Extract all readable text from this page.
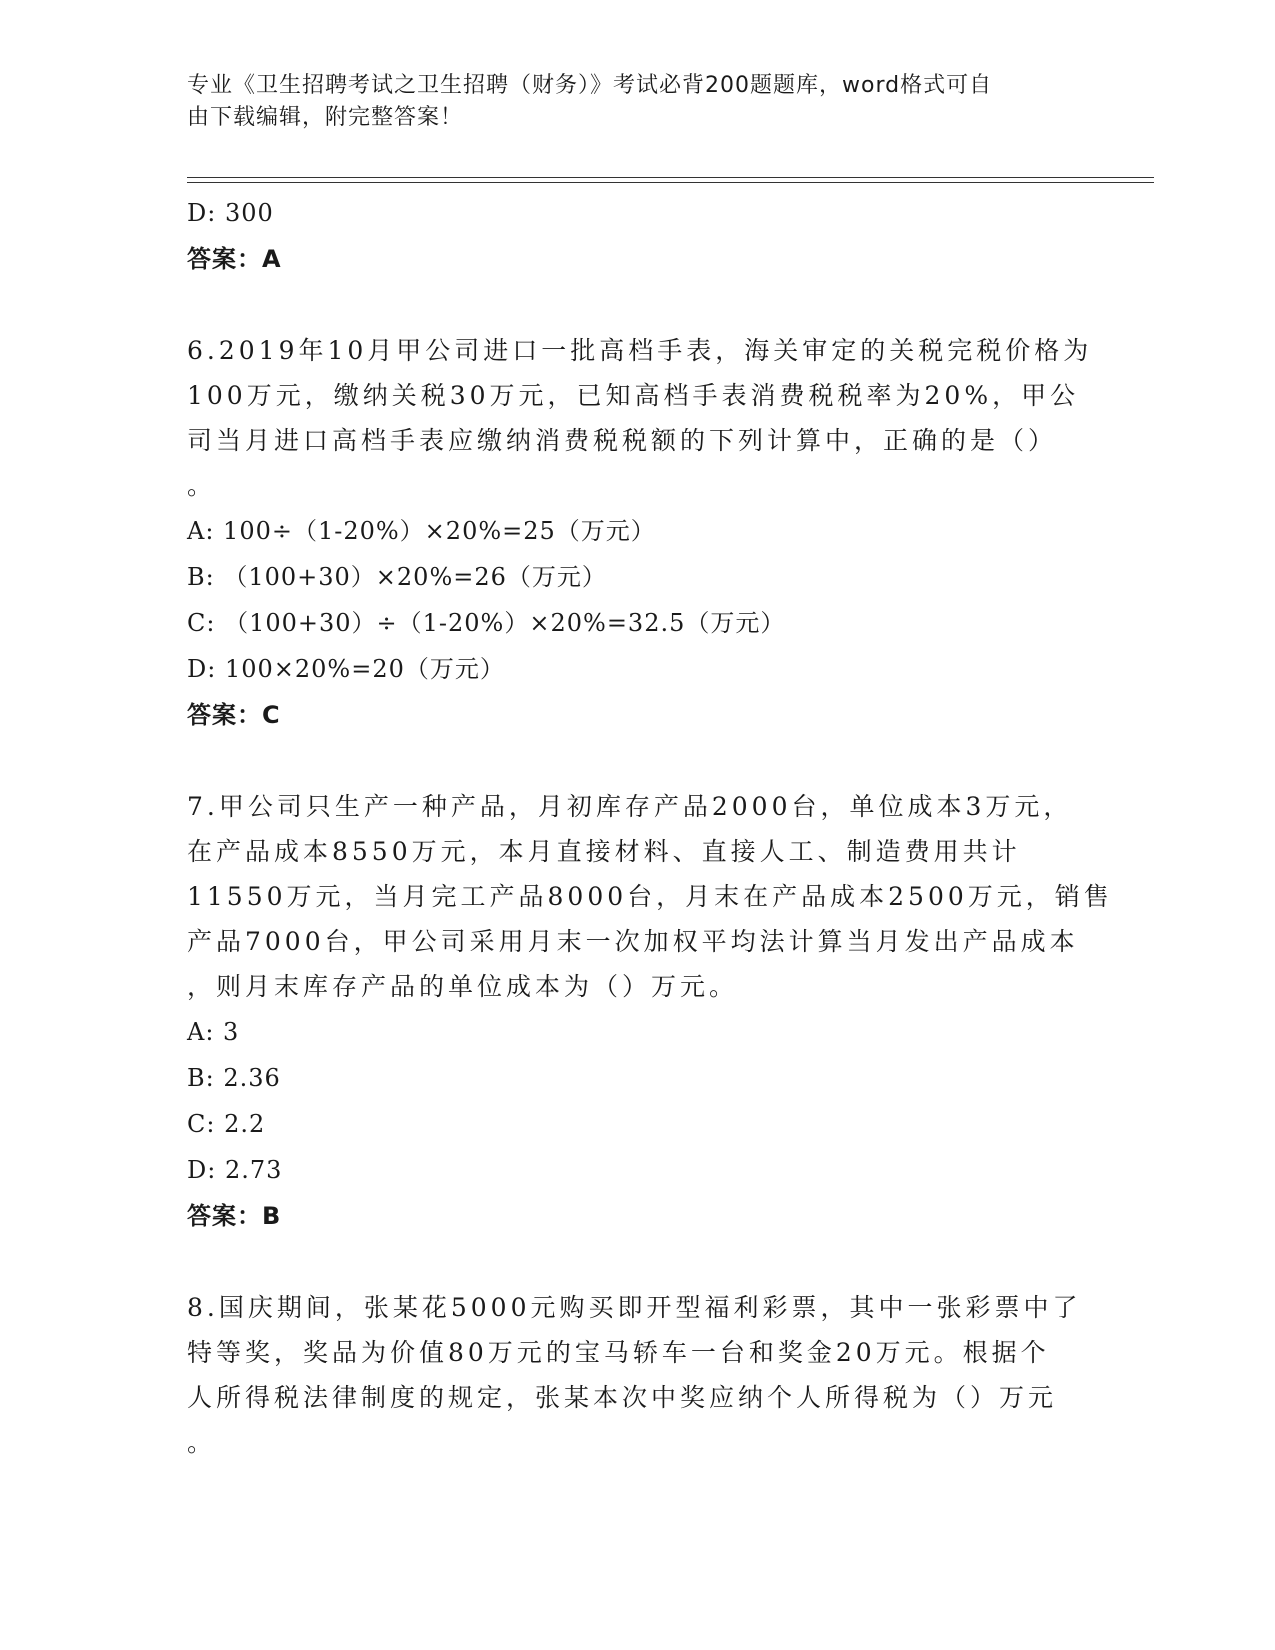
专业《卫生招聘考试之卫生招聘（财务）》考试必背200题题库，word格式可自
由下载编辑，附完整答案！
D: 300
答案：A
6.2019年10月甲公司进口一批高档手表，海关审定的关税完税价格为
100万元，缴纳关税30万元，已知高档手表消费税税率为20%，甲公
司当月进口高档手表应缴纳消费税税额的下列计算中，正确的是（）
。
A: 100÷（1-20%）×20%=25（万元）
B: （100+30）×20%=26（万元）
C: （100+30）÷（1-20%）×20%=32.5（万元）
D: 100×20%=20（万元）
答案：C
7.甲公司只生产一种产品，月初库存产品2000台，单位成本3万元，
在产品成本8550万元，本月直接材料、直接人工、制造费用共计
11550万元，当月完工产品8000台，月末在产品成本2500万元，销售
产品7000台，甲公司采用月末一次加权平均法计算当月发出产品成本
，则月末库存产品的单位成本为（）万元。
A: 3
B: 2.36
C: 2.2
D: 2.73
答案：B
8.国庆期间，张某花5000元购买即开型福利彩票，其中一张彩票中了
特等奖，奖品为价值80万元的宝马轿车一台和奖金20万元。根据个
人所得税法律制度的规定，张某本次中奖应纳个人所得税为（）万元
。
